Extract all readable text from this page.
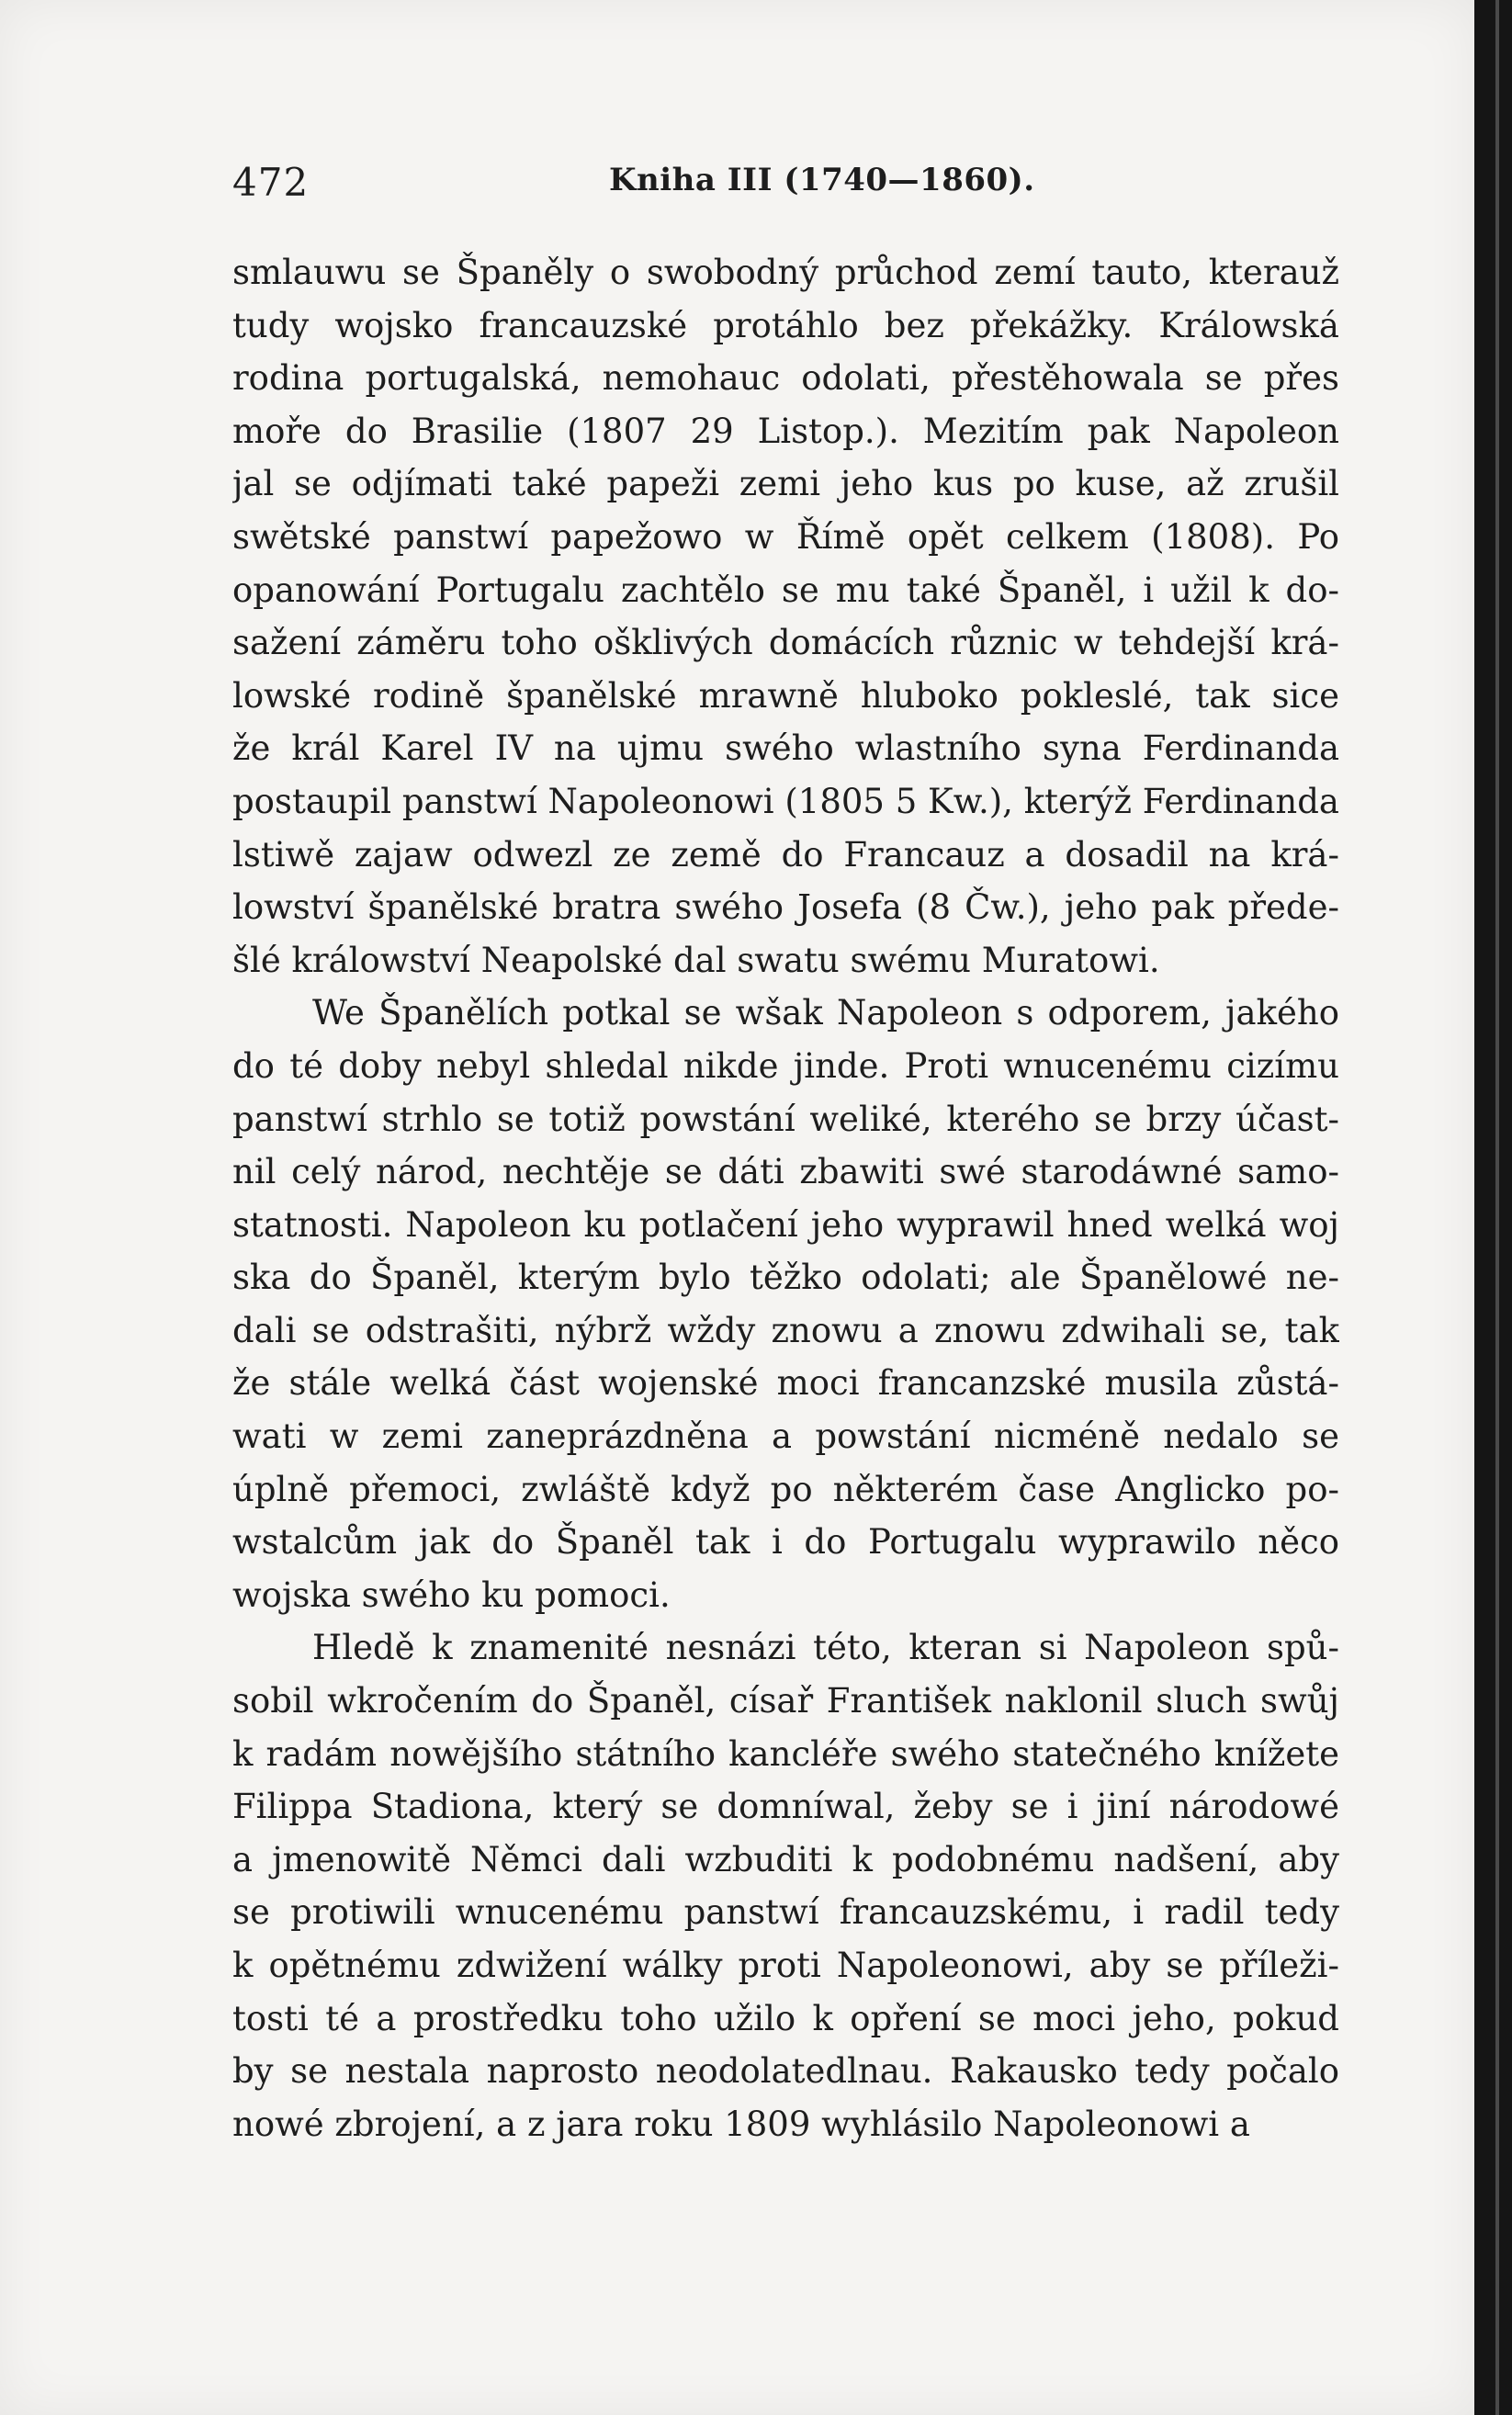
472	Kniha III (1740—1860).
smlauwu se Španěly o swobodný průchod zemí tauto, kterauž
tudy wojsko francauzské protáhlo bez překážky. Králowská
rodina portugalská, nemohauc odolati, přestěhowala se přes
moře do Brasilie (1807 29 Listop.). Mezitím pak Napoleon
jal se odjímati také papeži zemi jeho kus po kuse, až zrušil
swětské panstwí papežowo w Římě opět celkem (1808). Po
opanowání Portugalu zachtělo se mu také Španěl, i užil k do-
sažení záměru toho ošklivých domácích různic w tehdejší krá-
lowské rodině španělské mrawně hluboko pokleslé, tak sice
že král Karel IV na ujmu swého wlastního syna Ferdinanda
postaupil panstwí Napoleonowi (1805 5 Kw.), kterýž Ferdinanda
lstiwě zajaw odwezl ze země do Francauz a dosadil na krá-
lowství španělské bratra swého Josefa (8 Čw.), jeho pak přede-
šlé králowství Neapolské dal swatu swému Muratowi.
We Španělích potkal se wšak Napoleon s odporem, jakého
do té doby nebyl shledal nikde jinde. Proti wnucenému cizímu
panstwí strhlo se totiž powstání weliké, kterého se brzy účast-
nil celý národ, nechtěje se dáti zbawiti swé starodáwné samo-
statnosti. Napoleon ku potlačení jeho wyprawil hned welká woj
ska do Španěl, kterým bylo těžko odolati; ale Španělowé ne-
dali se odstrašiti, nýbrž wždy znowu a znowu zdwihali se, tak
že stále welká část wojenské moci francanzské musila zůstá-
wati w zemi zaneprázdněna a powstání nicméně nedalo se
úplně přemoci, zwláště když po některém čase Anglicko po-
wstalcům jak do Španěl tak i do Portugalu wyprawilo něco
wojska swého ku pomoci.
Hledě k znamenité nesnázi této, kteran si Napoleon spů-
sobil wkročením do Španěl, císař František naklonil sluch swůj
k radám nowějšího státního kancléře swého statečného knížete
Filippa Stadiona, který se domníwal, žeby se i jiní národowé
a jmenowitě Němci dali wzbuditi k podobnému nadšení, aby
se protiwili wnucenému panstwí francauzskému, i radil tedy
k opětnému zdwižení wálky proti Napoleonowi, aby se příleži-
tosti té a prostředku toho užilo k opření se moci jeho, pokud
by se nestala naprosto neodolatedlnau. Rakausko tedy počalo
nowé zbrojení, a z jara roku 1809 wyhlásilo Napoleonowi a
